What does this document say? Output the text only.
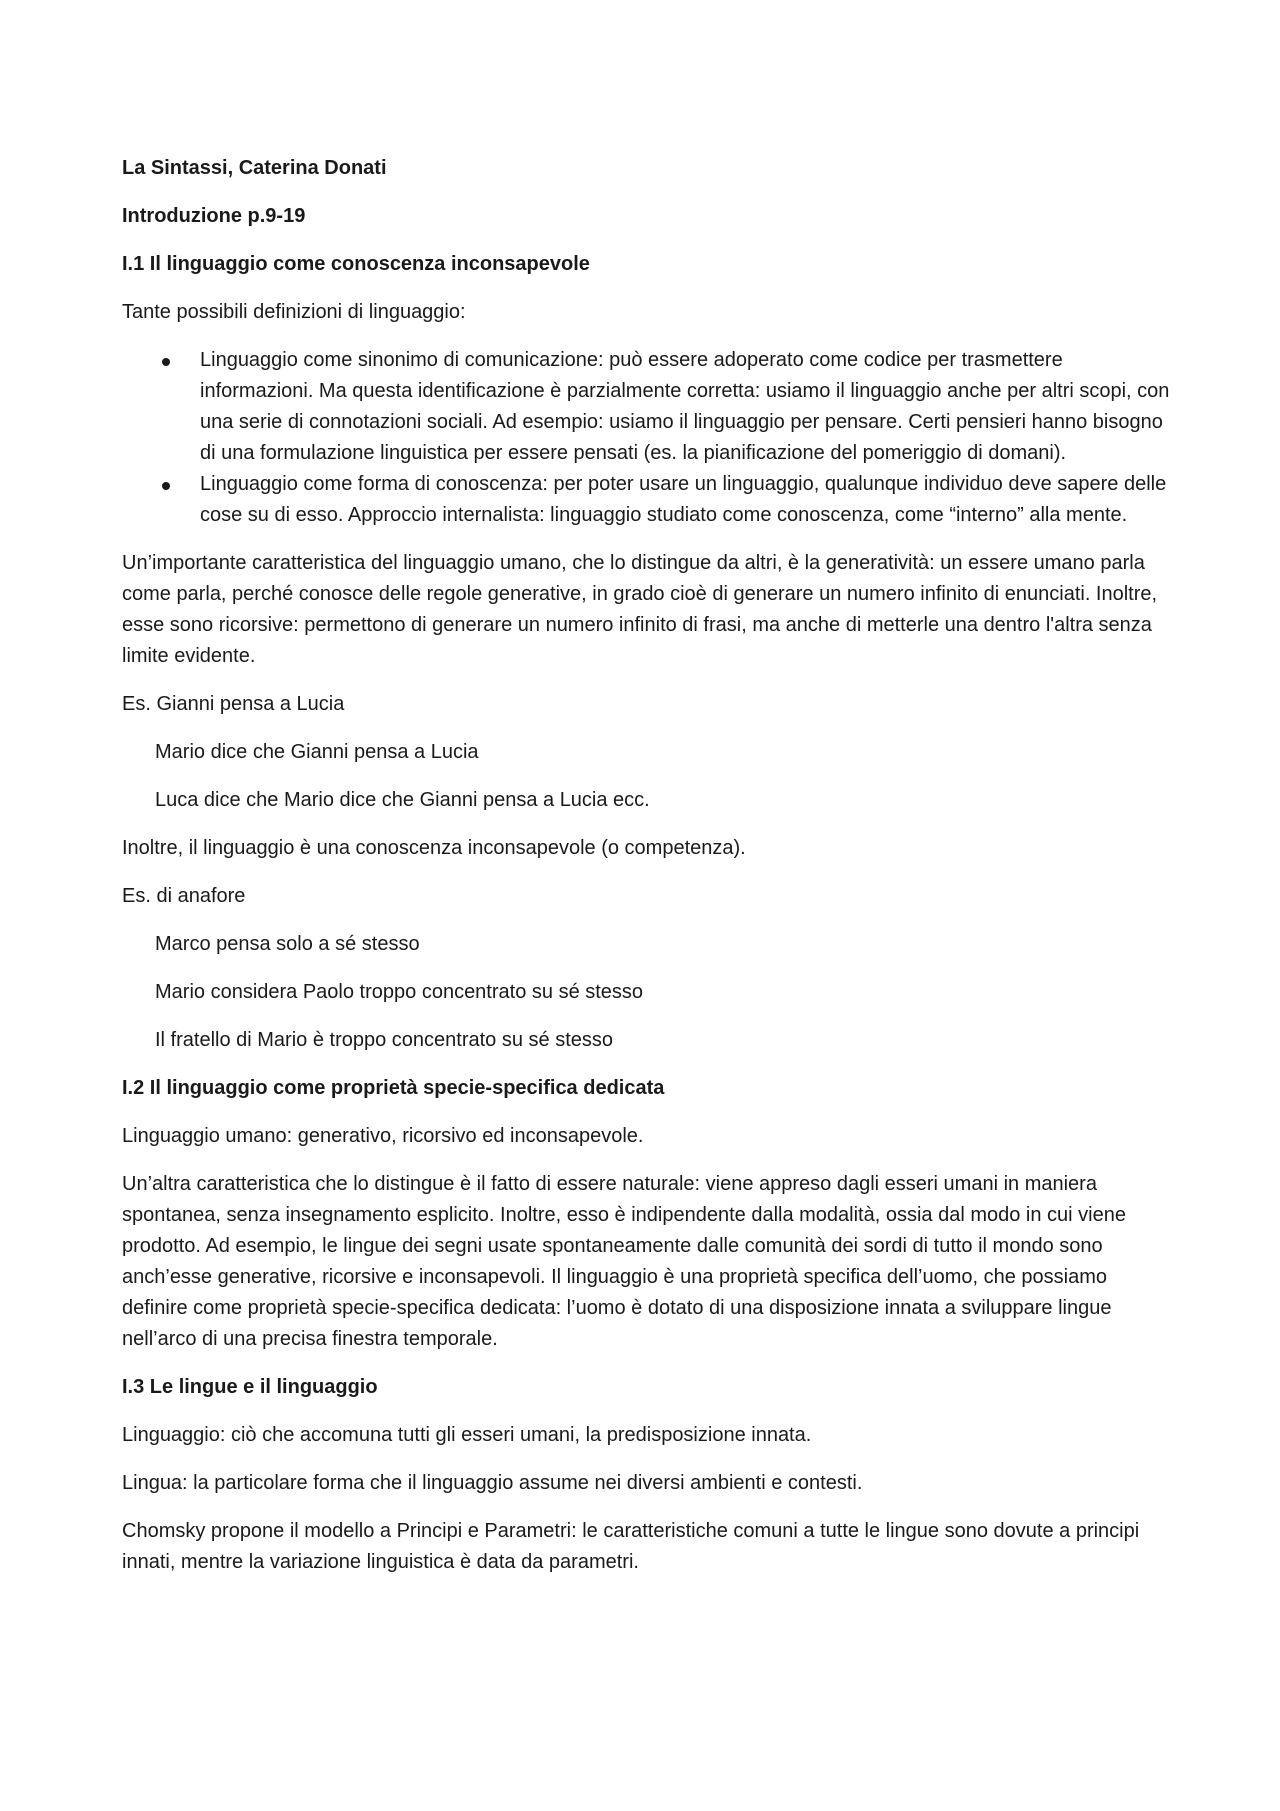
La Sintassi, Caterina Donati

Introduzione p.9-19

I.1 Il linguaggio come conoscenza inconsapevole

Tante possibili definizioni di linguaggio:

Linguaggio come sinonimo di comunicazione: può essere adoperato come codice per trasmettere informazioni. Ma questa identificazione è parzialmente corretta: usiamo il linguaggio anche per altri scopi, con una serie di connotazioni sociali. Ad esempio: usiamo il linguaggio per pensare. Certi pensieri hanno bisogno di una formulazione linguistica per essere pensati (es. la pianificazione del pomeriggio di domani).
Linguaggio come forma di conoscenza: per poter usare un linguaggio, qualunque individuo deve sapere delle cose su di esso. Approccio internalista: linguaggio studiato come conoscenza, come “interno” alla mente.

Un’importante caratteristica del linguaggio umano, che lo distingue da altri, è la generatività: un essere umano parla come parla, perché conosce delle regole generative, in grado cioè di generare un numero infinito di enunciati. Inoltre, esse sono ricorsive: permettono di generare un numero infinito di frasi, ma anche di metterle una dentro l'altra senza limite evidente.

Es. Gianni pensa a Lucia

Mario dice che Gianni pensa a Lucia

Luca dice che Mario dice che Gianni pensa a Lucia ecc.

Inoltre, il linguaggio è una conoscenza inconsapevole (o competenza).

Es. di anafore

Marco pensa solo a sé stesso

Mario considera Paolo troppo concentrato su sé stesso

Il fratello di Mario è troppo concentrato su sé stesso

I.2 Il linguaggio come proprietà specie-specifica dedicata

Linguaggio umano: generativo, ricorsivo ed inconsapevole.

Un’altra caratteristica che lo distingue è il fatto di essere naturale: viene appreso dagli esseri umani in maniera spontanea, senza insegnamento esplicito. Inoltre, esso è indipendente dalla modalità, ossia dal modo in cui viene prodotto. Ad esempio, le lingue dei segni usate spontaneamente dalle comunità dei sordi di tutto il mondo sono anch’esse generative, ricorsive e inconsapevoli. Il linguaggio è una proprietà specifica dell’uomo, che possiamo definire come proprietà specie-specifica dedicata: l’uomo è dotato di una disposizione innata a sviluppare lingue nell’arco di una precisa finestra temporale.

I.3 Le lingue e il linguaggio

Linguaggio: ciò che accomuna tutti gli esseri umani, la predisposizione innata.

Lingua: la particolare forma che il linguaggio assume nei diversi ambienti e contesti.

Chomsky propone il modello a Principi e Parametri: le caratteristiche comuni a tutte le lingue sono dovute a principi innati, mentre la variazione linguistica è data da parametri.
